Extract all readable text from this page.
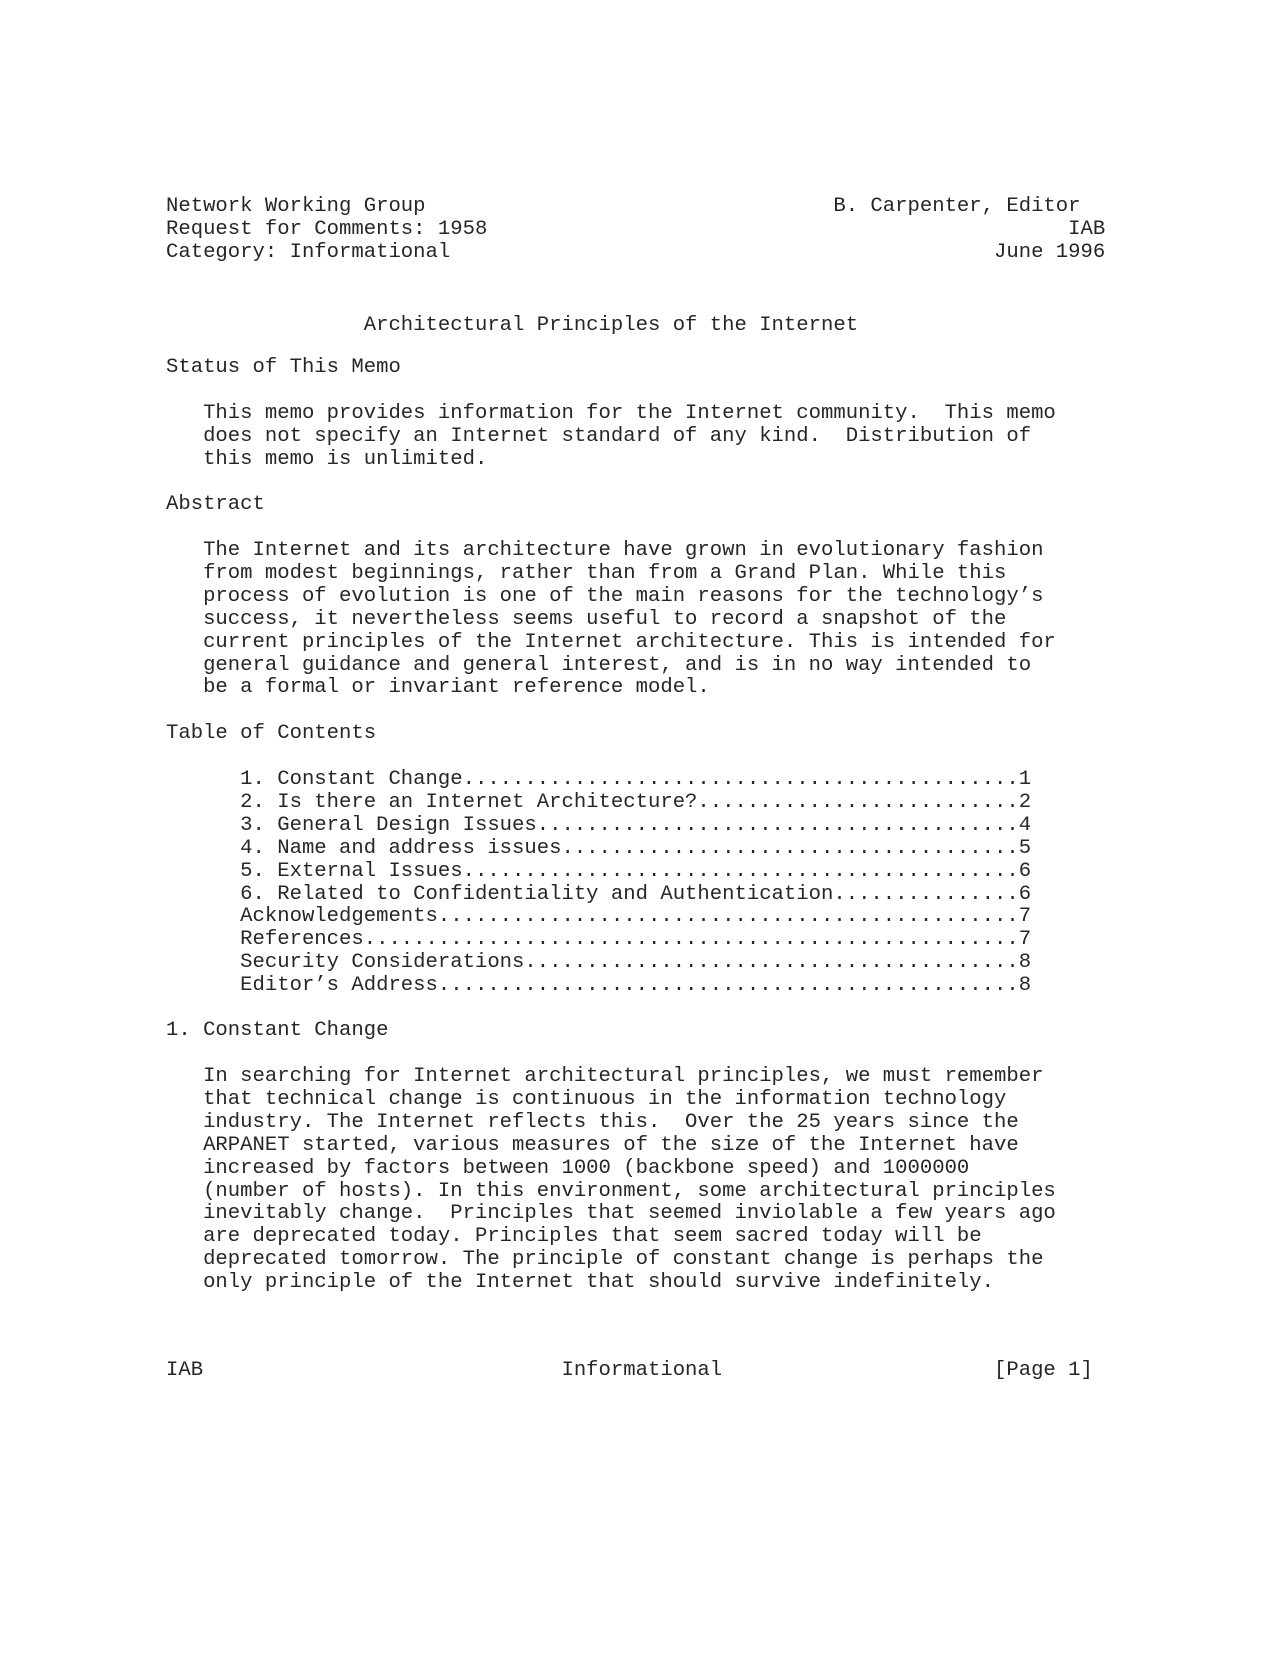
Network Working Group                                 B. Carpenter, Editor
Request for Comments: 1958                                               IAB
Category: Informational                                            June 1996
Architectural Principles of the Internet
Status of This Memo
This memo provides information for the Internet community.  This memo
does not specify an Internet standard of any kind.  Distribution of
this memo is unlimited.
Abstract
The Internet and its architecture have grown in evolutionary fashion
from modest beginnings, rather than from a Grand Plan. While this
process of evolution is one of the main reasons for the technology’s
success, it nevertheless seems useful to record a snapshot of the
current principles of the Internet architecture. This is intended for
general guidance and general interest, and is in no way intended to
be a formal or invariant reference model.
Table of Contents
1. Constant Change.............................................1
2. Is there an Internet Architecture?..........................2
3. General Design Issues.......................................4
4. Name and address issues.....................................5
5. External Issues.............................................6
6. Related to Confidentiality and Authentication...............6
Acknowledgements...............................................7
References.....................................................7
Security Considerations........................................8
Editor’s Address...............................................8
1. Constant Change
In searching for Internet architectural principles, we must remember
that technical change is continuous in the information technology
industry. The Internet reflects this.  Over the 25 years since the
ARPANET started, various measures of the size of the Internet have
increased by factors between 1000 (backbone speed) and 1000000
(number of hosts). In this environment, some architectural principles
inevitably change.  Principles that seemed inviolable a few years ago
are deprecated today. Principles that seem sacred today will be
deprecated tomorrow. The principle of constant change is perhaps the
only principle of the Internet that should survive indefinitely.
IAB                             Informational                      [Page 1]
